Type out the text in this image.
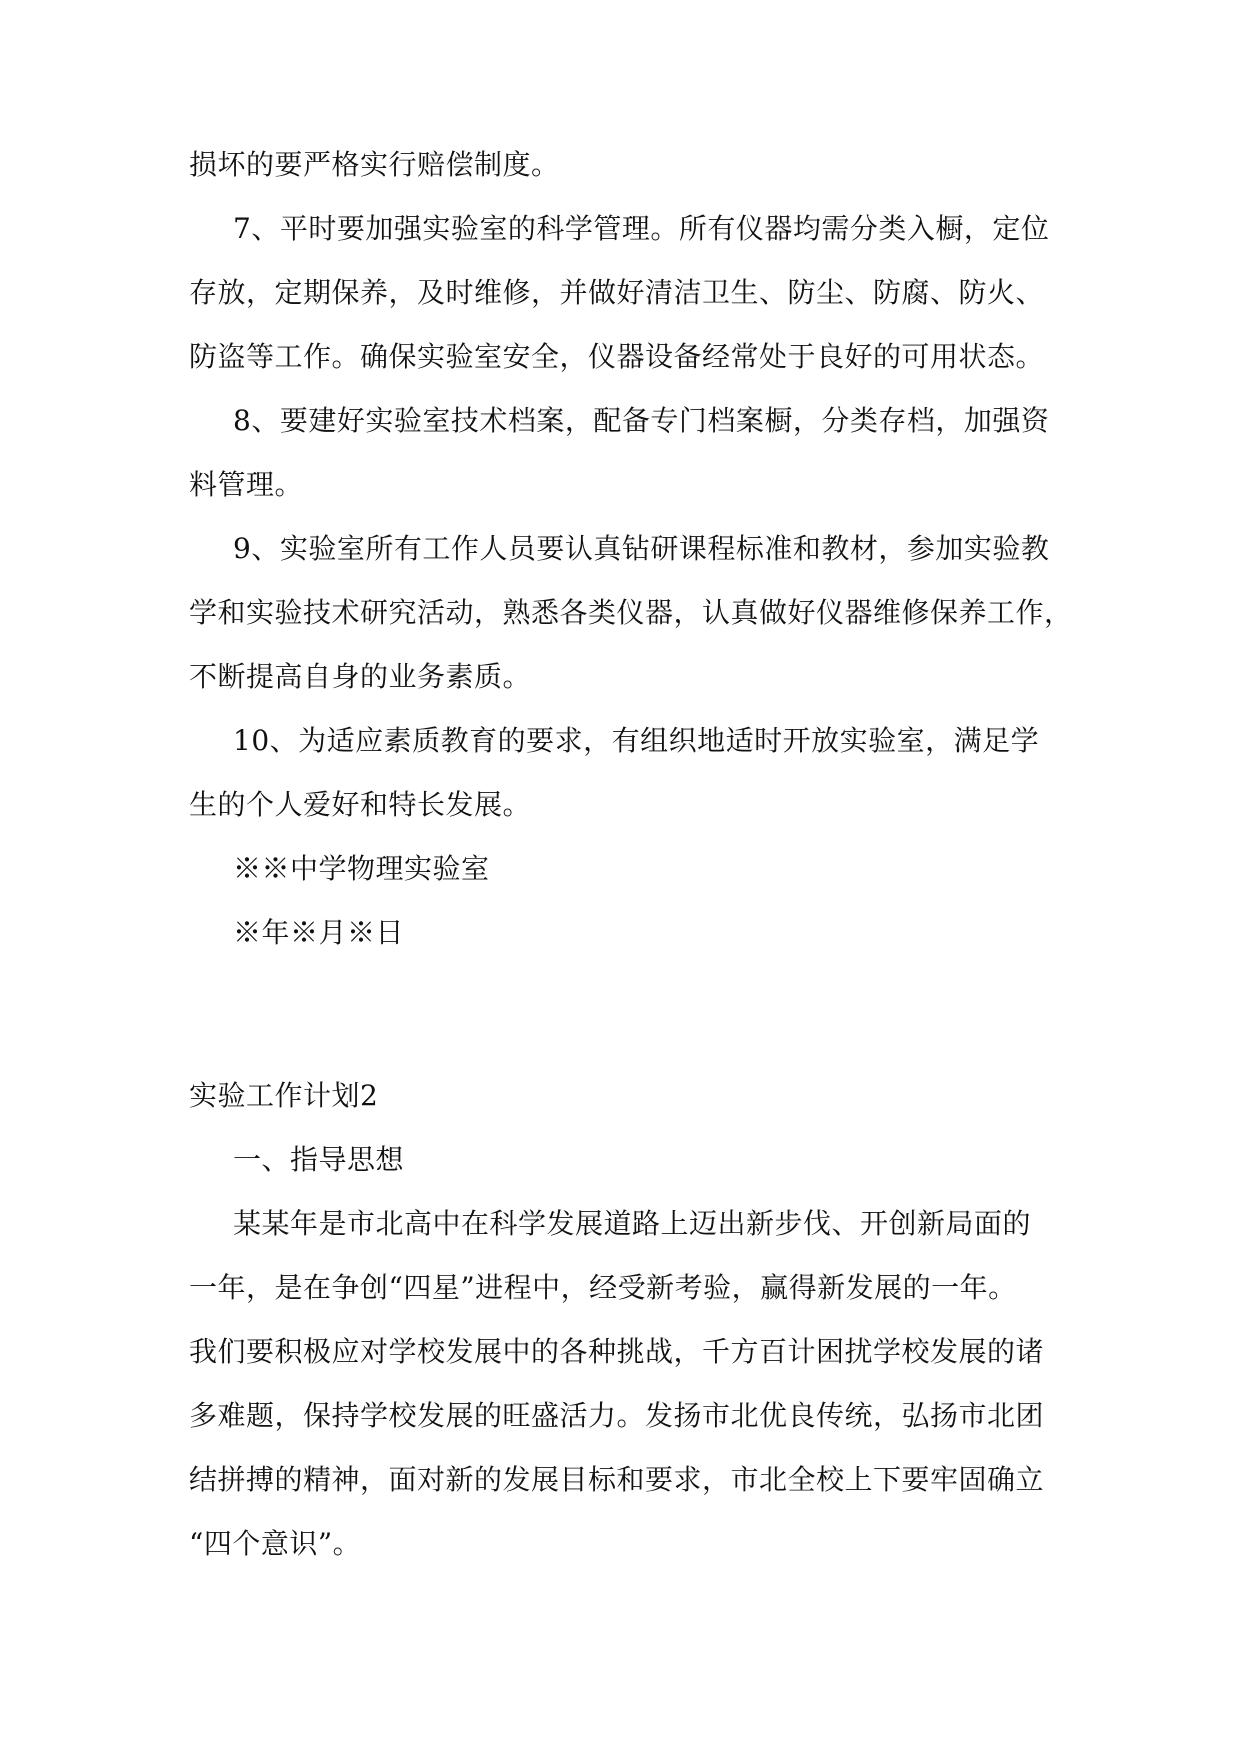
损坏的要严格实行赔偿制度。
7、平时要加强实验室的科学管理。所有仪器均需分类入橱，定位
存放，定期保养，及时维修，并做好清洁卫生、防尘、防腐、防火、
防盗等工作。确保实验室安全，仪器设备经常处于良好的可用状态。
8、要建好实验室技术档案，配备专门档案橱，分类存档，加强资
料管理。
9、实验室所有工作人员要认真钻研课程标准和教材，参加实验教
学和实验技术研究活动，熟悉各类仪器，认真做好仪器维修保养工作，
不断提高自身的业务素质。
10、为适应素质教育的要求，有组织地适时开放实验室，满足学
生的个人爱好和特长发展。
※※中学物理实验室
※年※月※日
实验工作计划2
一、指导思想
某某年是市北高中在科学发展道路上迈出新步伐、开创新局面的
一年，是在争创“四星”进程中，经受新考验，赢得新发展的一年。
我们要积极应对学校发展中的各种挑战，千方百计困扰学校发展的诸
多难题，保持学校发展的旺盛活力。发扬市北优良传统，弘扬市北团
结拼搏的精神，面对新的发展目标和要求，市北全校上下要牢固确立
“四个意识”。
